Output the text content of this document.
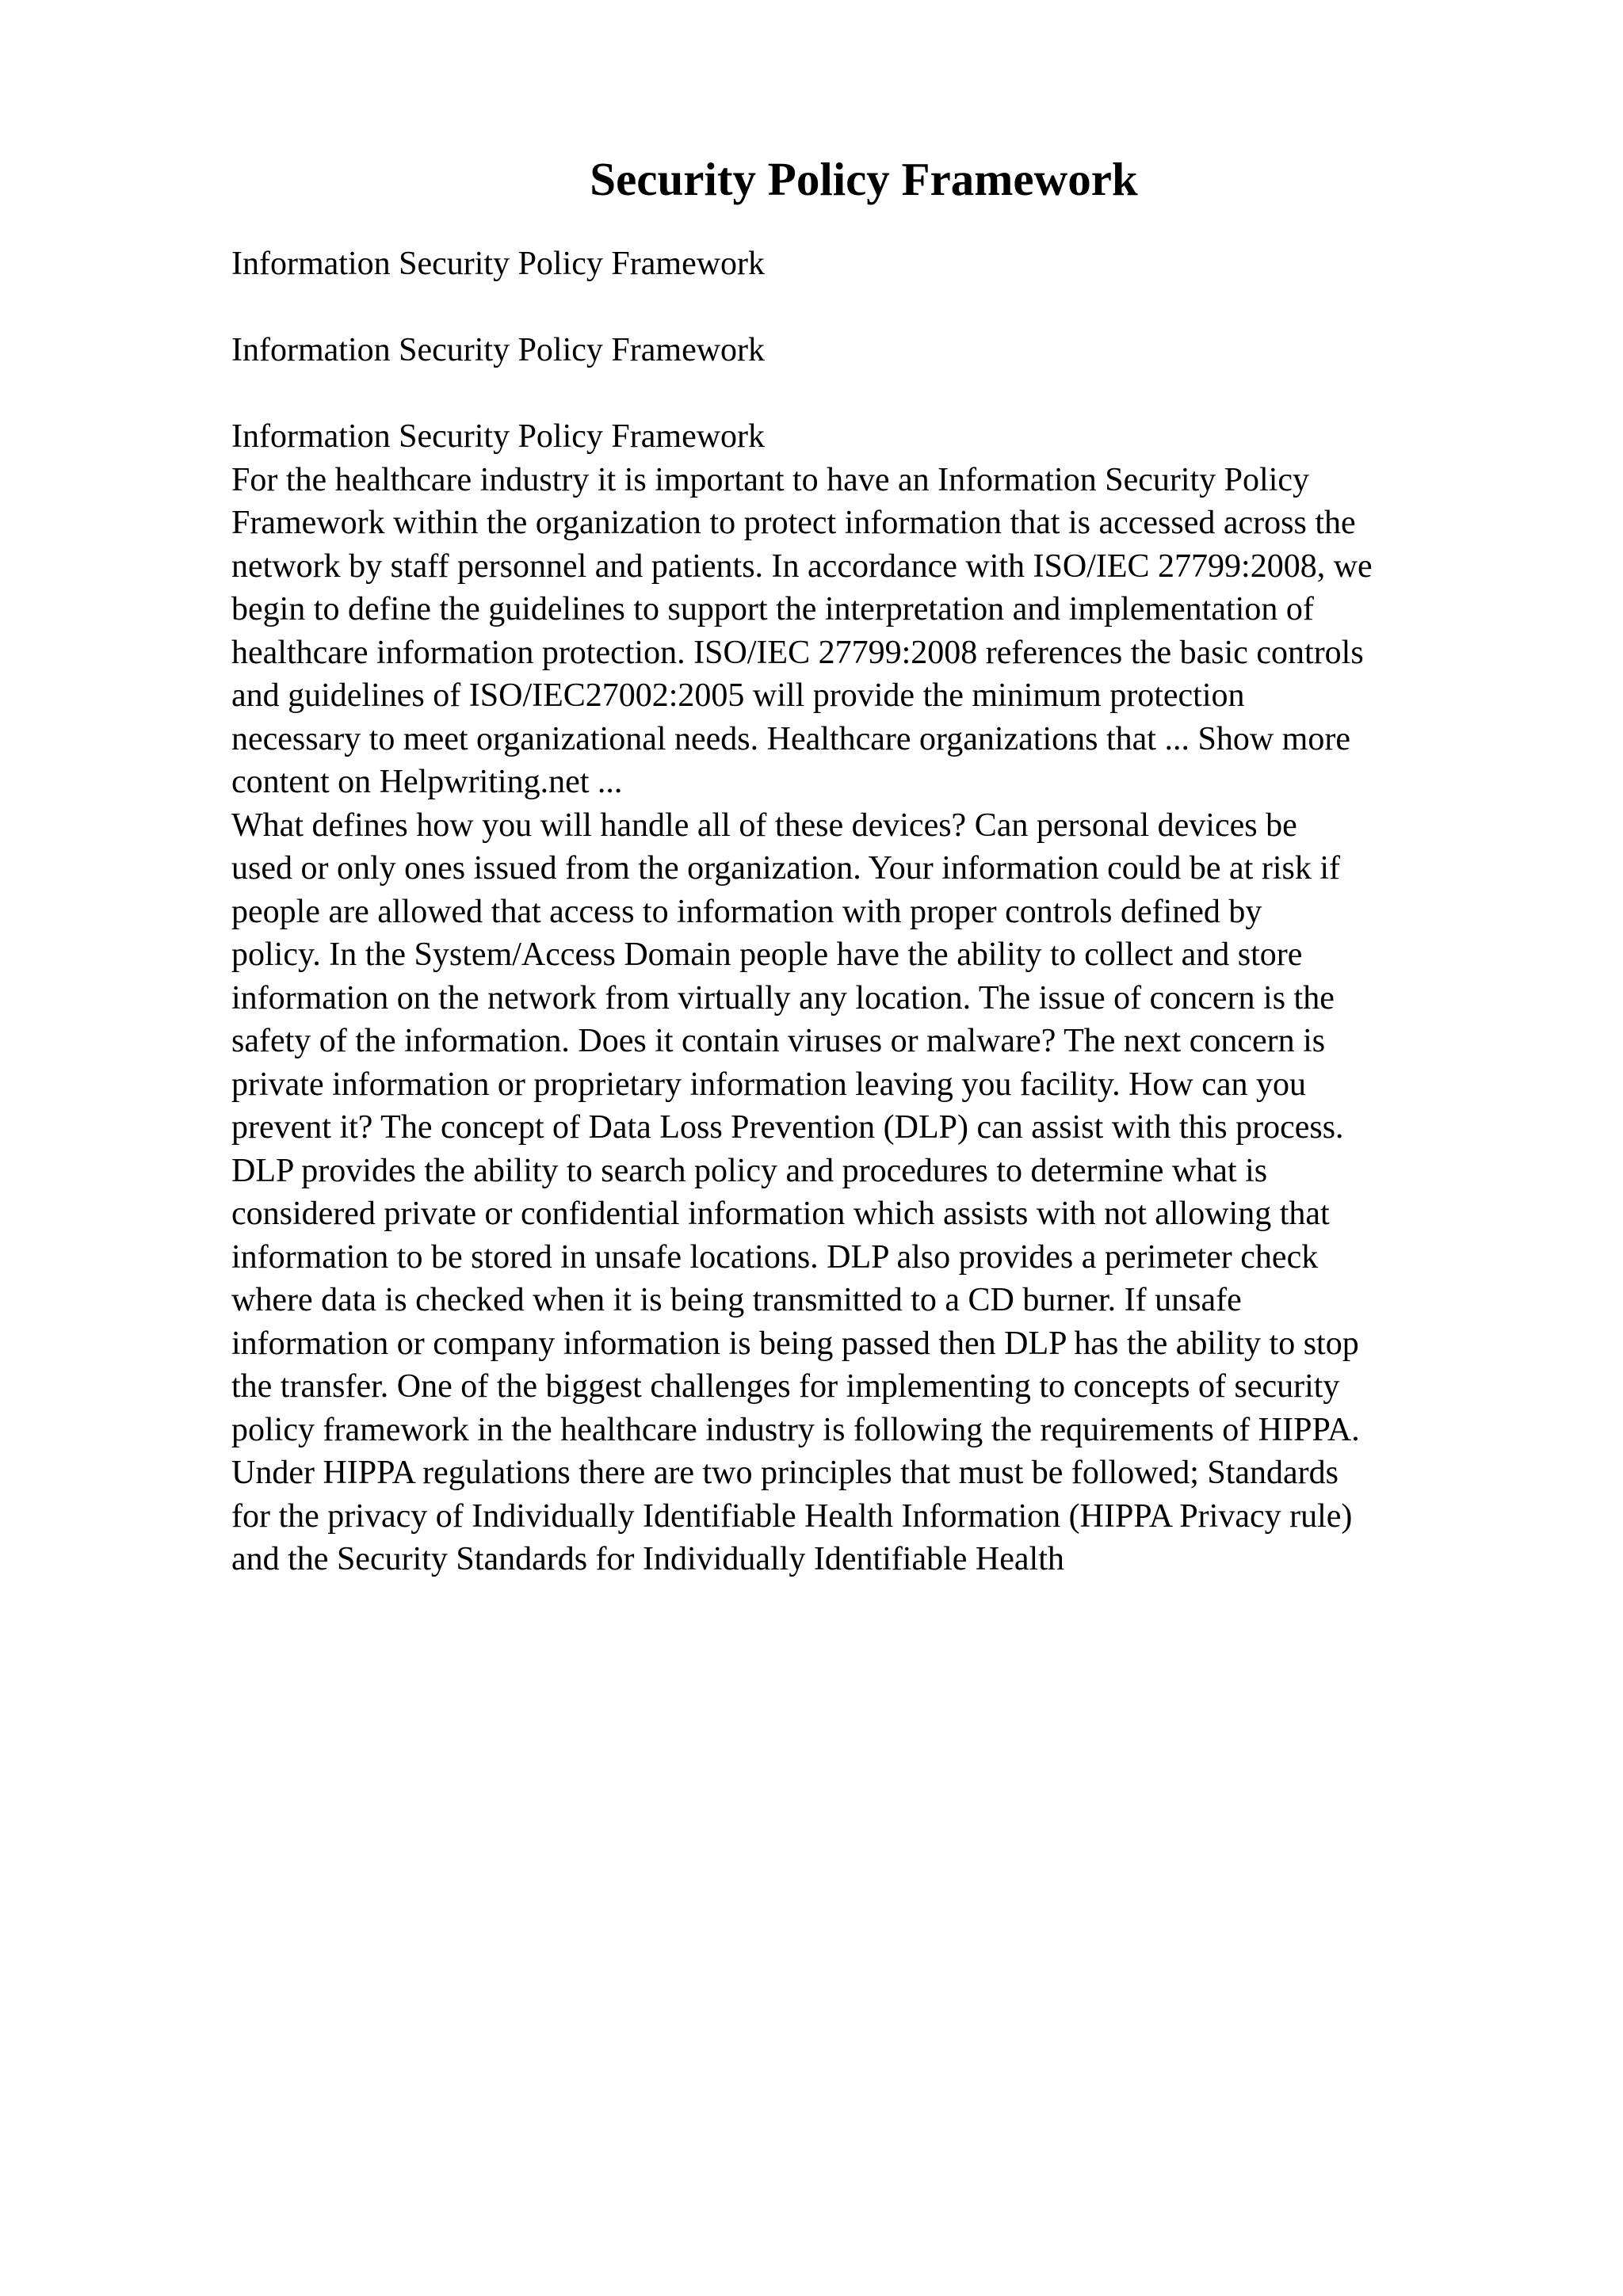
Security Policy Framework

Information Security Policy Framework

Information Security Policy Framework

Information Security Policy Framework

For the healthcare industry it is important to have an Information Security Policy

Framework within the organization to protect information that is accessed across the

network by staff personnel and patients. In accordance with ISO/IEC 27799:2008, we

begin to define the guidelines to support the interpretation and implementation of

healthcare information protection. ISO/IEC 27799:2008 references the basic controls

and guidelines of ISO/IEC27002:2005 will provide the minimum protection

necessary to meet organizational needs. Healthcare organizations that ... Show more

content on Helpwriting.net ...

What defines how you will handle all of these devices? Can personal devices be

used or only ones issued from the organization. Your information could be at risk if

people are allowed that access to information with proper controls defined by

policy. In the System/Access Domain people have the ability to collect and store

information on the network from virtually any location. The issue of concern is the

safety of the information. Does it contain viruses or malware? The next concern is

private information or proprietary information leaving you facility. How can you

prevent it? The concept of Data Loss Prevention (DLP) can assist with this process.

DLP provides the ability to search policy and procedures to determine what is

considered private or confidential information which assists with not allowing that

information to be stored in unsafe locations. DLP also provides a perimeter check

where data is checked when it is being transmitted to a CD burner. If unsafe

information or company information is being passed then DLP has the ability to stop

the transfer. One of the biggest challenges for implementing to concepts of security

policy framework in the healthcare industry is following the requirements of HIPPA.

Under HIPPA regulations there are two principles that must be followed; Standards

for the privacy of Individually Identifiable Health Information (HIPPA Privacy rule)

and the Security Standards for Individually Identifiable Health
